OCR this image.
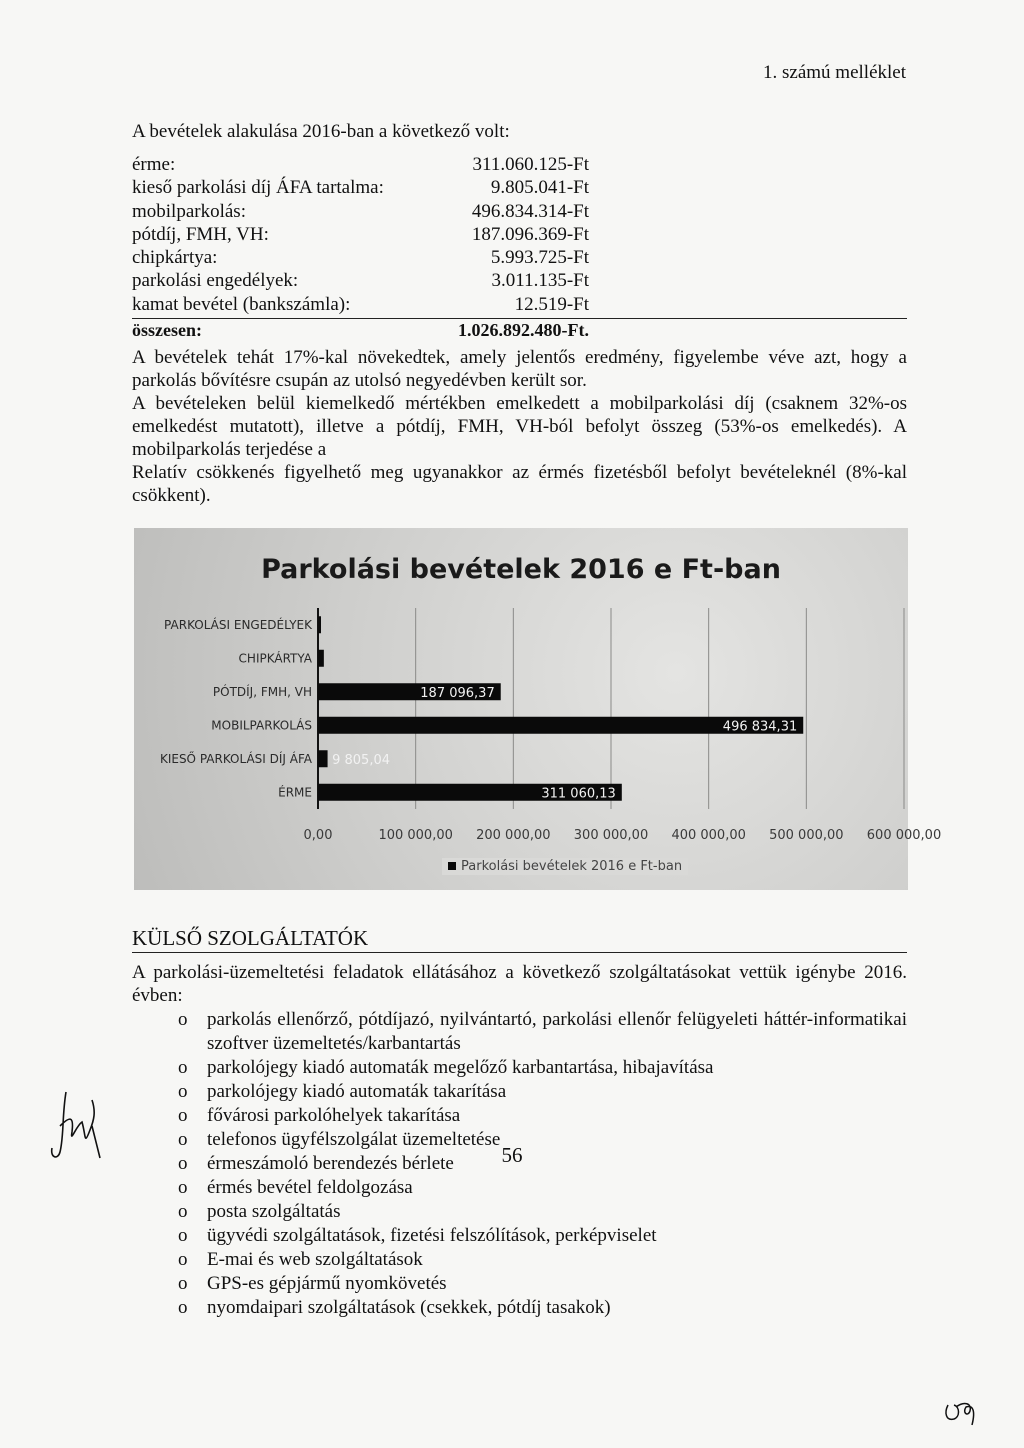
1. számú melléklet
A bevételek alakulása 2016-ban a következő volt:
érme:	311.060.125-Ft
kieső parkolási díj ÁFA tartalma:	9.805.041-Ft
mobilparkolás:	496.834.314-Ft
pótdíj, FMH, VH:	187.096.369-Ft
chipkártya:	5.993.725-Ft
parkolási engedélyek:	3.011.135-Ft
kamat bevétel (bankszámla):	12.519-Ft
összesen:	1.026.892.480-Ft.

A bevételek tehát 17%-kal növekedtek, amely jelentős eredmény, figyelembe véve azt, hogy a parkolás bővítésre csupán az utolsó negyedévben került sor.

A bevételeken belül kiemelkedő mértékben emelkedett a mobilparkolási díj (csaknem 32%-os emelkedést mutatott), illetve a pótdíj, FMH, VH-ból befolyt összeg (53%-os emelkedés). A mobilparkolás terjedése a

Relatív csökkenés figyelhető meg ugyanakkor az érmés fizetésből befolyt bevételeknél (8%-kal csökkent).

Parkolási bevételek 2016 e Ft-ban
0,00	100 000,00 200 000,00 300 000,00 400 000,00 500 000,00 600 000,00
PARKOLÁSI ENGEDÉLYEK
CHIPKÁRTYA
PÓTDÍJ, FMH, VH	187 096,37
MOBILPARKOLÁS	496 834,31
KIESŐ PARKOLÁSI DÍJ ÁFA 9 805,04
ÉRME	311 060,13
Parkolási bevételek 2016 e Ft-ban
KÜLSŐ SZOLGÁLTATÓK
A parkolási-üzemeltetési feladatok ellátásához a következő szolgáltatásokat vettük igénybe 2016. évben:
o parkolás ellenőrző, pótdíjazó, nyilvántartó, parkolási ellenőr felügyeleti háttér-informatikai szoftver üzemeltetés/karbantartás
o parkolójegy kiadó automaták megelőző karbantartása, hibajavítása
o parkolójegy kiadó automaták takarítása
o fővárosi parkolóhelyek takarítása
o telefonos ügyfélszolgálat üzemeltetése
o érmeszámoló berendezés bérlete
o érmés bevétel feldolgozása
o posta szolgáltatás
o ügyvédi szolgáltatások, fizetési felszólítások, perképviselet
o E-mai és web szolgáltatások
o GPS-es gépjármű nyomkövetés
o nyomdaipari szolgáltatások (csekkek, pótdíj tasakok)
56
